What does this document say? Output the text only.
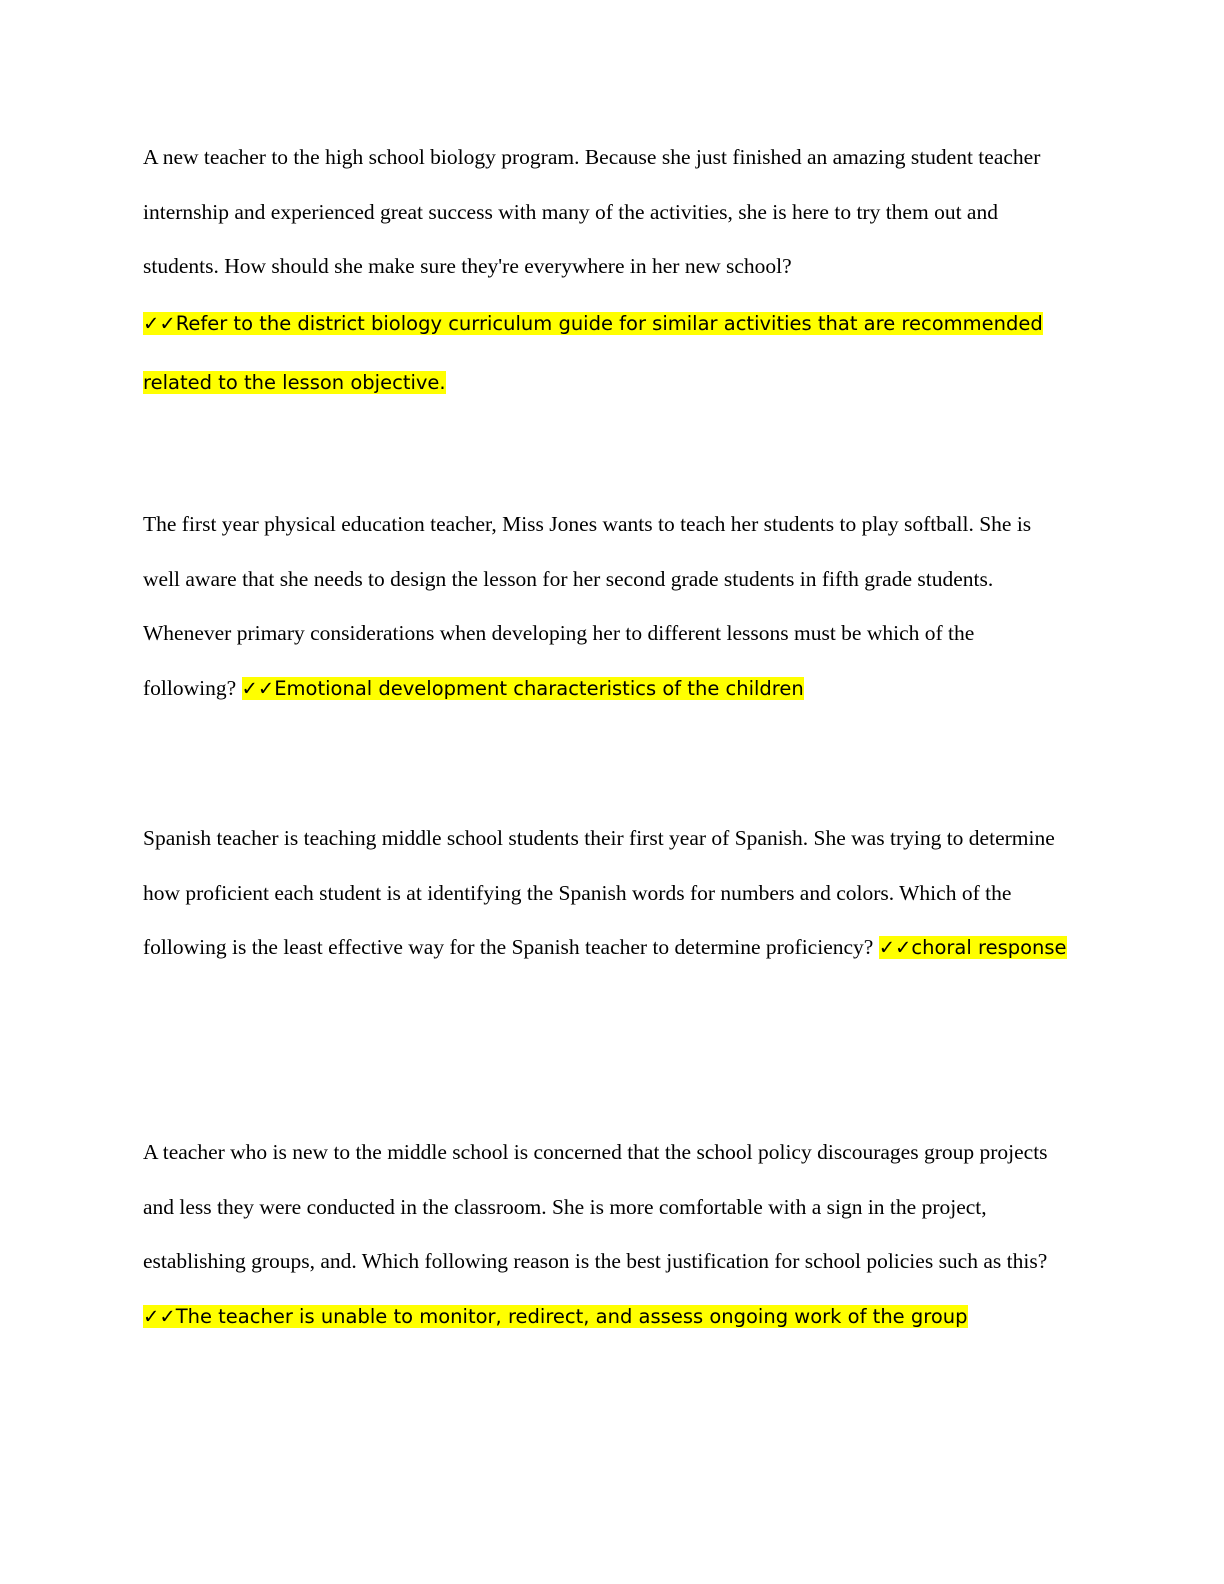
A new teacher to the high school biology program. Because she just finished an amazing student teacher internship and experienced great success with many of the activities, she is here to try them out and students. How should she make sure they're everywhere in her new school?
✓✓Refer to the district biology curriculum guide for similar activities that are recommended related to the lesson objective.
The first year physical education teacher, Miss Jones wants to teach her students to play softball. She is well aware that she needs to design the lesson for her second grade students in fifth grade students. Whenever primary considerations when developing her to different lessons must be which of the following? ✓✓Emotional development characteristics of the children
Spanish teacher is teaching middle school students their first year of Spanish. She was trying to determine how proficient each student is at identifying the Spanish words for numbers and colors. Which of the following is the least effective way for the Spanish teacher to determine proficiency? ✓✓choral response
A teacher who is new to the middle school is concerned that the school policy discourages group projects and less they were conducted in the classroom. She is more comfortable with a sign in the project, establishing groups, and. Which following reason is the best justification for school policies such as this? ✓✓The teacher is unable to monitor, redirect, and assess ongoing work of the group
